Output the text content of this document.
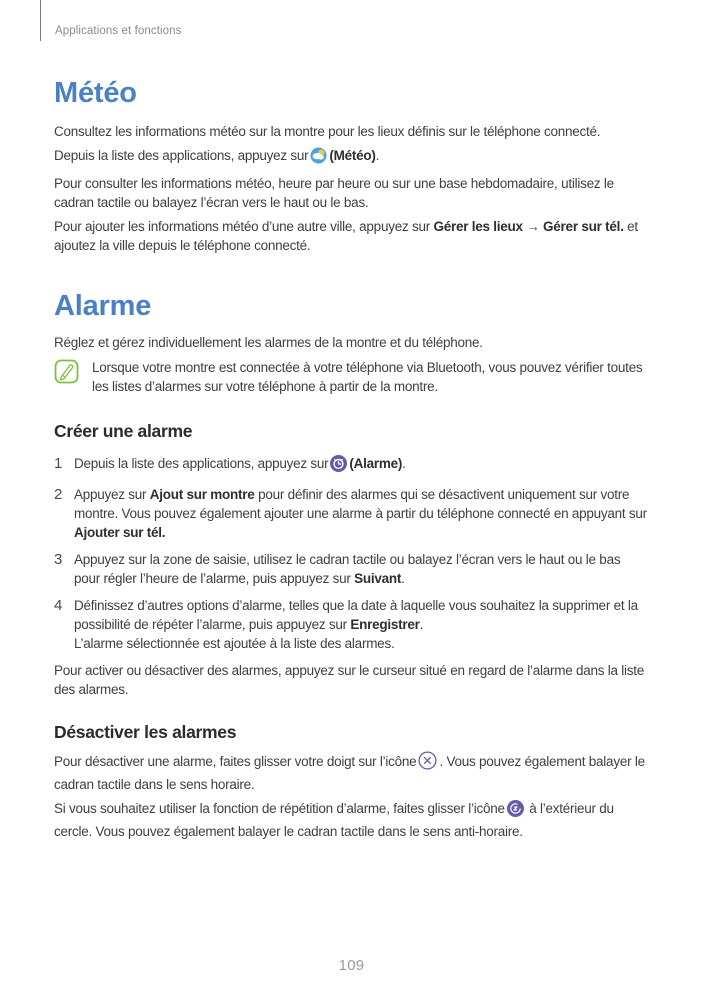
Applications et fonctions
Météo

Consultez les informations météo sur la montre pour les lieux définis sur le téléphone connecté.

Depuis la liste des applications, appuyez sur (Météo).

Pour consulter les informations météo, heure par heure ou sur une base hebdomadaire, utilisez le cadran tactile ou balayez l’écran vers le haut ou le bas.

Pour ajouter les informations météo d’une autre ville, appuyez sur Gérer les lieux → Gérer sur tél. et ajoutez la ville depuis le téléphone connecté.

Alarme

Réglez et gérez individuellement les alarmes de la montre et du téléphone.

Lorsque votre montre est connectée à votre téléphone via Bluetooth, vous pouvez vérifier toutes les listes d’alarmes sur votre téléphone à partir de la montre.

Créer une alarme
1 Depuis la liste des applications, appuyez sur (Alarme).
2 Appuyez sur Ajout sur montre pour définir des alarmes qui se désactivent uniquement sur votre montre. Vous pouvez également ajouter une alarme à partir du téléphone connecté en appuyant sur Ajouter sur tél.
3 Appuyez sur la zone de saisie, utilisez le cadran tactile ou balayez l’écran vers le haut ou le bas pour régler l’heure de l’alarme, puis appuyez sur Suivant.
4 Définissez d’autres options d’alarme, telles que la date à laquelle vous souhaitez la supprimer et la possibilité de répéter l’alarme, puis appuyez sur Enregistrer.
L’alarme sélectionnée est ajoutée à la liste des alarmes.

Pour activer ou désactiver des alarmes, appuyez sur le curseur situé en regard de l’alarme dans la liste des alarmes.

Désactiver les alarmes

Pour désactiver une alarme, faites glisser votre doigt sur l’icône . Vous pouvez également balayer le cadran tactile dans le sens horaire.

Si vous souhaitez utiliser la fonction de répétition d’alarme, faites glisser l’icône à l’extérieur du cercle. Vous pouvez également balayer le cadran tactile dans le sens anti-horaire.

109
